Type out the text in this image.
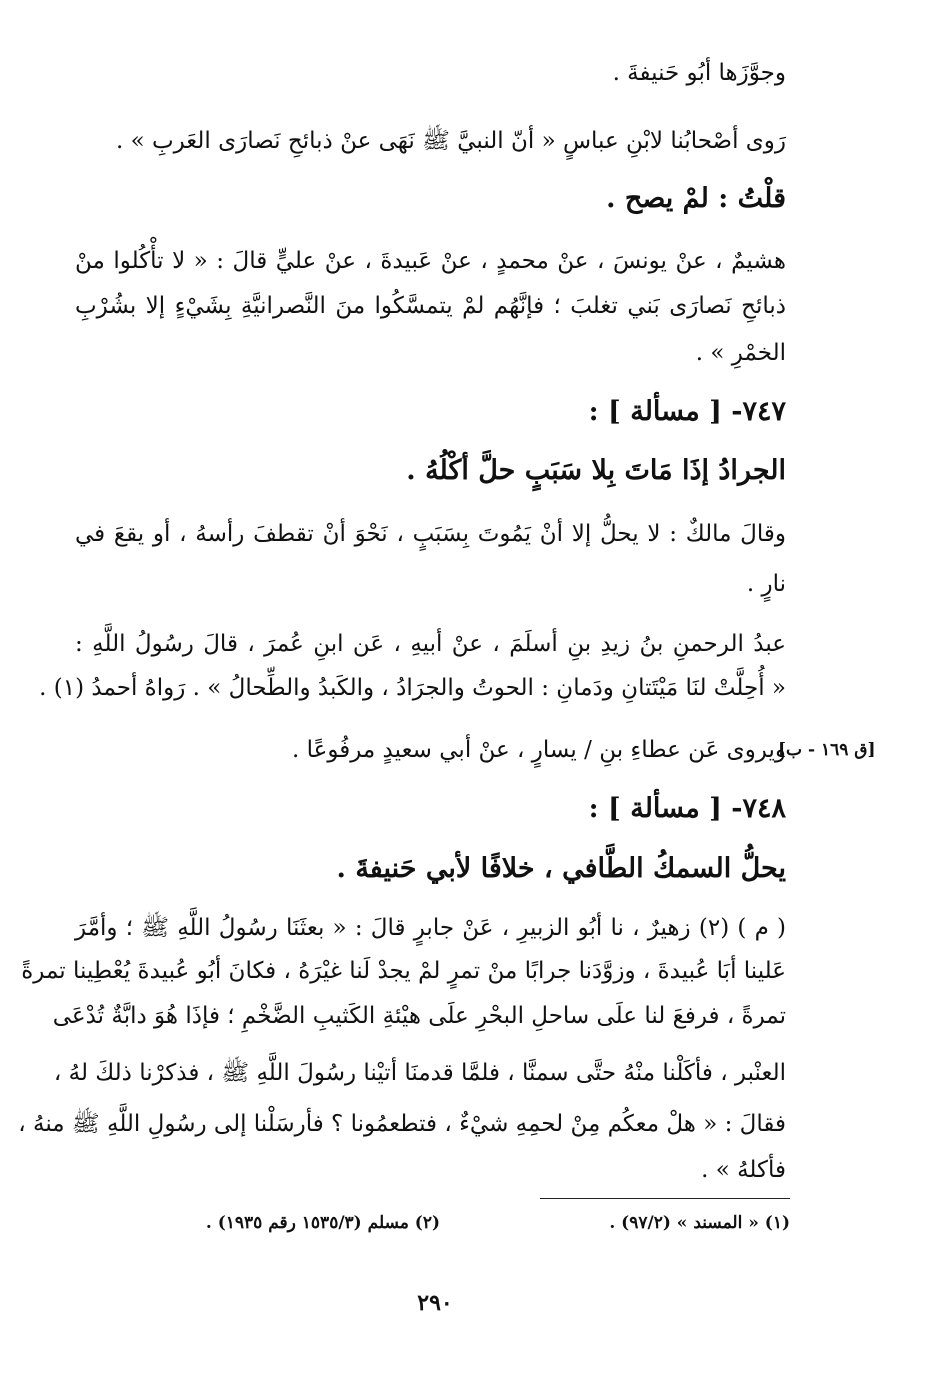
وجوَّزَها أبُو حَنيفةَ .
رَوى أصْحابُنا لابْنِ عباسٍ « أنّ النبيَّ ﷺ نَهَى عنْ ذبائحِ نَصارَى العَربِ » .
قلْتُ : لمْ يصح .
هشيمٌ ، عنْ يونسَ ، عنْ محمدٍ ، عنْ عَبيدةَ ، عنْ عليٍّ قالَ : « لا تأْكُلوا منْ
ذبائحِ نَصارَى بَني تغلبَ ؛ فإنَّهُم لمْ يتمسَّكُوا منَ النَّصرانيَّةِ بِشَيْءٍ إلا بشُرْبِ
الخمْرِ » .
٧٤٧- [ مسألة ] :
الجرادُ إذَا مَاتَ بِلا سَبَبٍ حلَّ أكْلُهُ .
وقالَ مالكٌ : لا يحلُّ إلا أنْ يَمُوتَ بِسَبَبٍ ، نَحْوَ أنْ تقطفَ رأسهُ ، أو يقعَ في
نارٍ .
عبدُ الرحمنِ بنُ زيدِ بنِ أسلَمَ ، عنْ أبيهِ ، عَن ابنِ عُمرَ ، قالَ رسُولُ اللَّهِ :
« أُحِلَّتْ لنَا مَيْتَتانِ ودَمانِ : الحوتُ والجرَادُ ، والكَبدُ والطِّحالُ » . رَواهُ أحمدُ (١) .
ويروى عَن عطاءِ بنِ / يسارٍ ، عنْ أبي سعيدٍ مرفُوعًا .
[ق ١٦٩ - ب]
٧٤٨- [ مسألة ] :
يحلُّ السمكُ الطَّافي ، خلافًا لأبي حَنيفةَ .
( م ) (٢) زهيرٌ ، نا أبُو الزبيرِ ، عَنْ جابرٍ قالَ : « بعثَنَا رسُولُ اللَّهِ ﷺ ؛ وأمَّرَ
عَلينا أبَا عُبيدةَ ، وزوَّدَنا جرابًا منْ تمرٍ لمْ يجدْ لَنا غيْرَهُ ، فكانَ أبُو عُبيدةَ يُعْطِينا تمرةً
تمرةً ، فرفعَ لنا علَى ساحلِ البحْرِ علَى هيْئةِ الكَثيبِ الضَّخْمِ ؛ فإذَا هُوَ دابَّةٌ تُدْعَى
العنْبر ، فأكَلْنا منْهُ حتَّى سمنَّا ، فلمَّا قدمنَا أتيْنا رسُولَ اللَّهِ ﷺ ، فذكرْنا ذلكَ لهُ ،
فقالَ : « هلْ معكُم مِنْ لحمِهِ شيْءٌ ، فتطعمُونا ؟ فأرسَلْنا إلى رسُولِ اللَّهِ ﷺ منهُ ،
فأكلهُ » .
(١) « المسند » (٩٧/٢) .
(٢) مسلم (١٥٣٥/٣ رقم ١٩٣٥) .
٢٩٠
